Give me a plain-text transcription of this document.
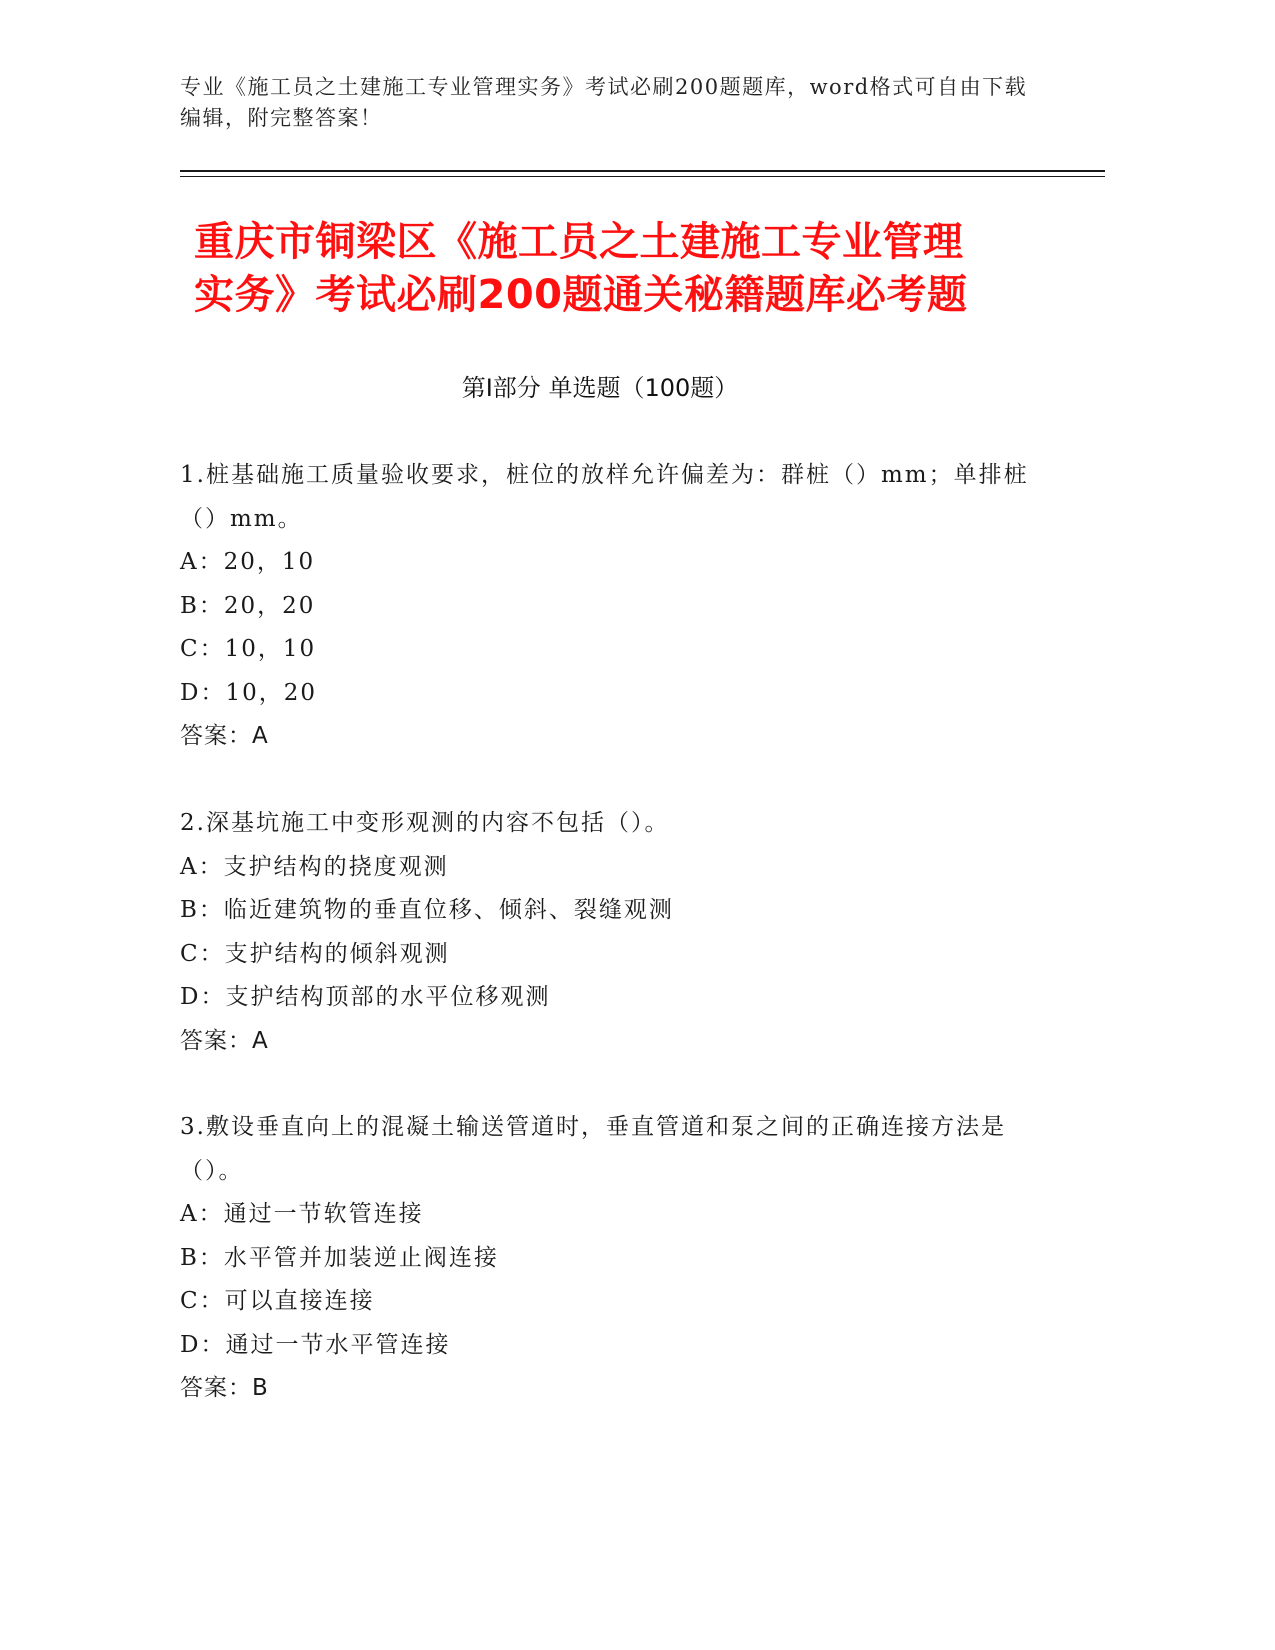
专业《施工员之土建施工专业管理实务》考试必刷200题题库，word格式可自由下载编辑，附完整答案！
重庆市铜梁区《施工员之土建施工专业管理
实务》考试必刷200题通关秘籍题库必考题
第I部分 单选题（100题）
1.桩基础施工质量验收要求，桩位的放样允许偏差为：群桩（）mm；单排桩（）mm。
A：20，10
B：20，20
C：10，10
D：10，20
答案：A
2.深基坑施工中变形观测的内容不包括（）。
A：支护结构的挠度观测
B：临近建筑物的垂直位移、倾斜、裂缝观测
C：支护结构的倾斜观测
D：支护结构顶部的水平位移观测
答案：A
3.敷设垂直向上的混凝土输送管道时，垂直管道和泵之间的正确连接方法是（）。
A：通过一节软管连接
B：水平管并加装逆止阀连接
C：可以直接连接
D：通过一节水平管连接
答案：B
